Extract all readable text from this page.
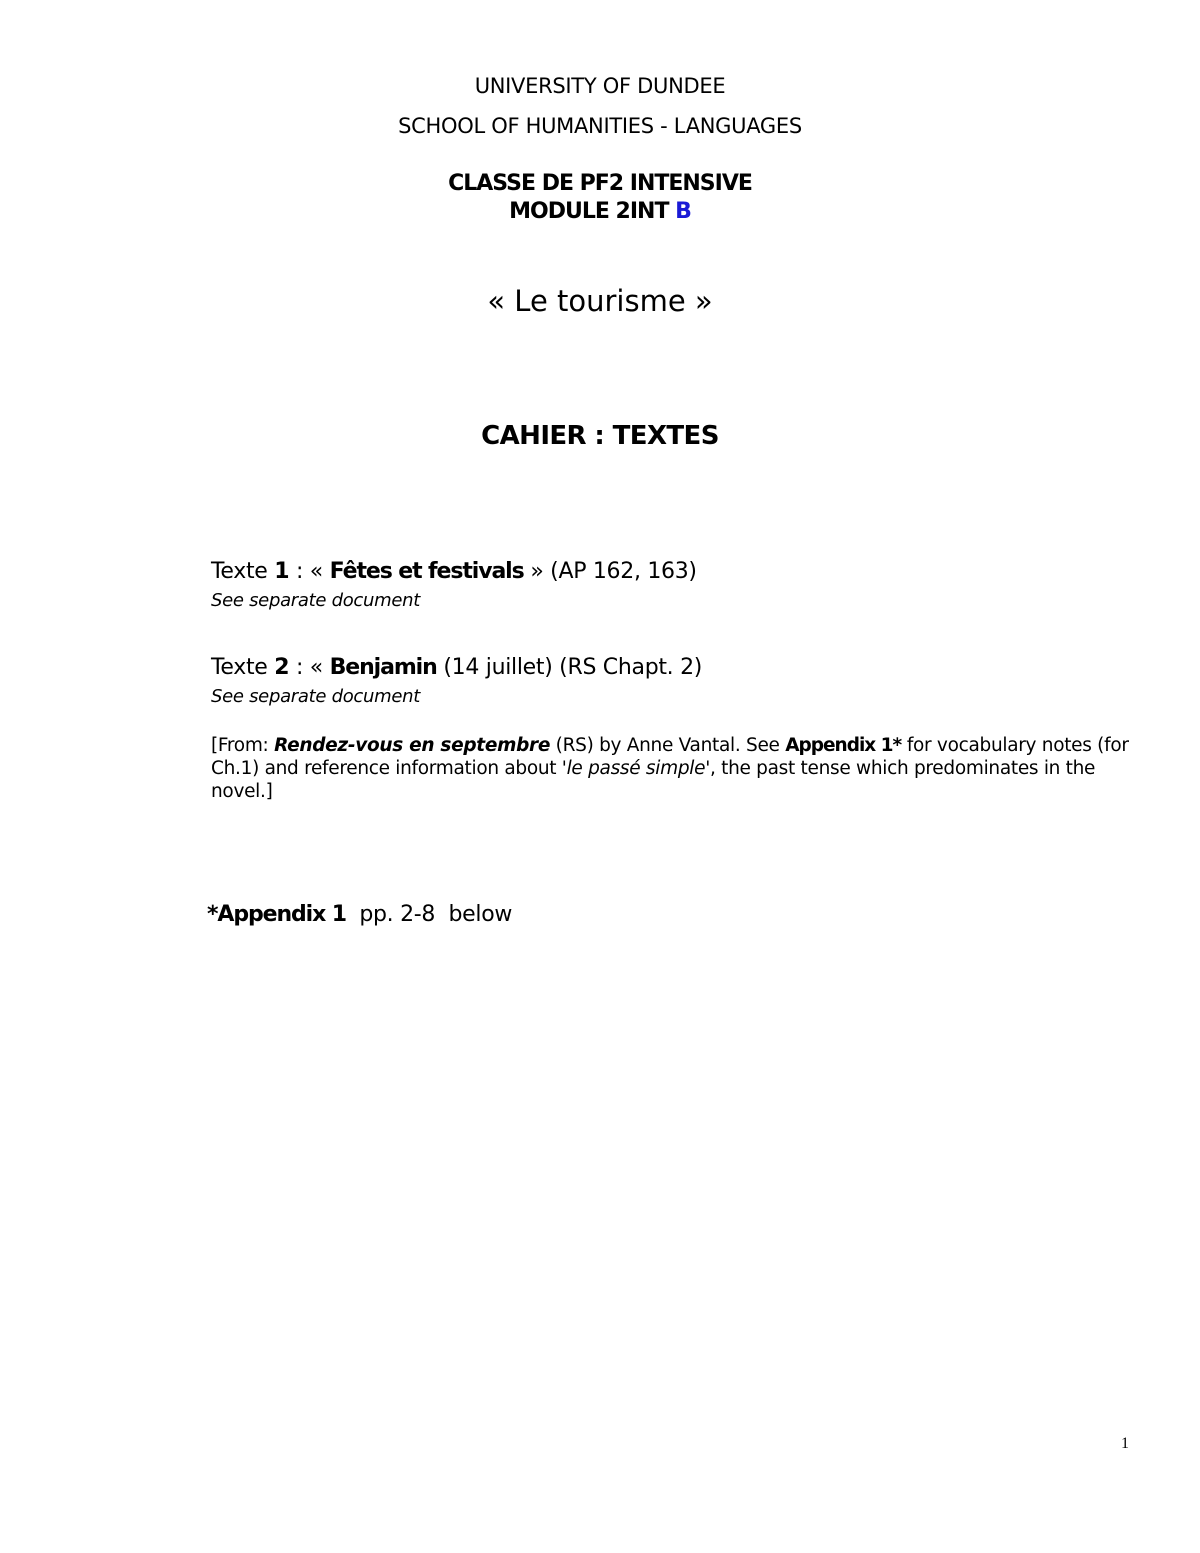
UNIVERSITY OF DUNDEE
SCHOOL OF HUMANITIES - LANGUAGES
CLASSE DE PF2 INTENSIVE
MODULE 2INT B
« Le tourisme »
CAHIER : TEXTES
Texte 1 : « Fêtes et festivals » (AP 162, 163)
See separate document
Texte 2 : « Benjamin (14 juillet) (RS Chapt. 2)
See separate document
[From: Rendez-vous en septembre (RS) by Anne Vantal. See Appendix 1* for vocabulary notes (for Ch.1) and reference information about 'le passé simple', the past tense which predominates in the novel.]
*Appendix 1  pp. 2-8  below
1
